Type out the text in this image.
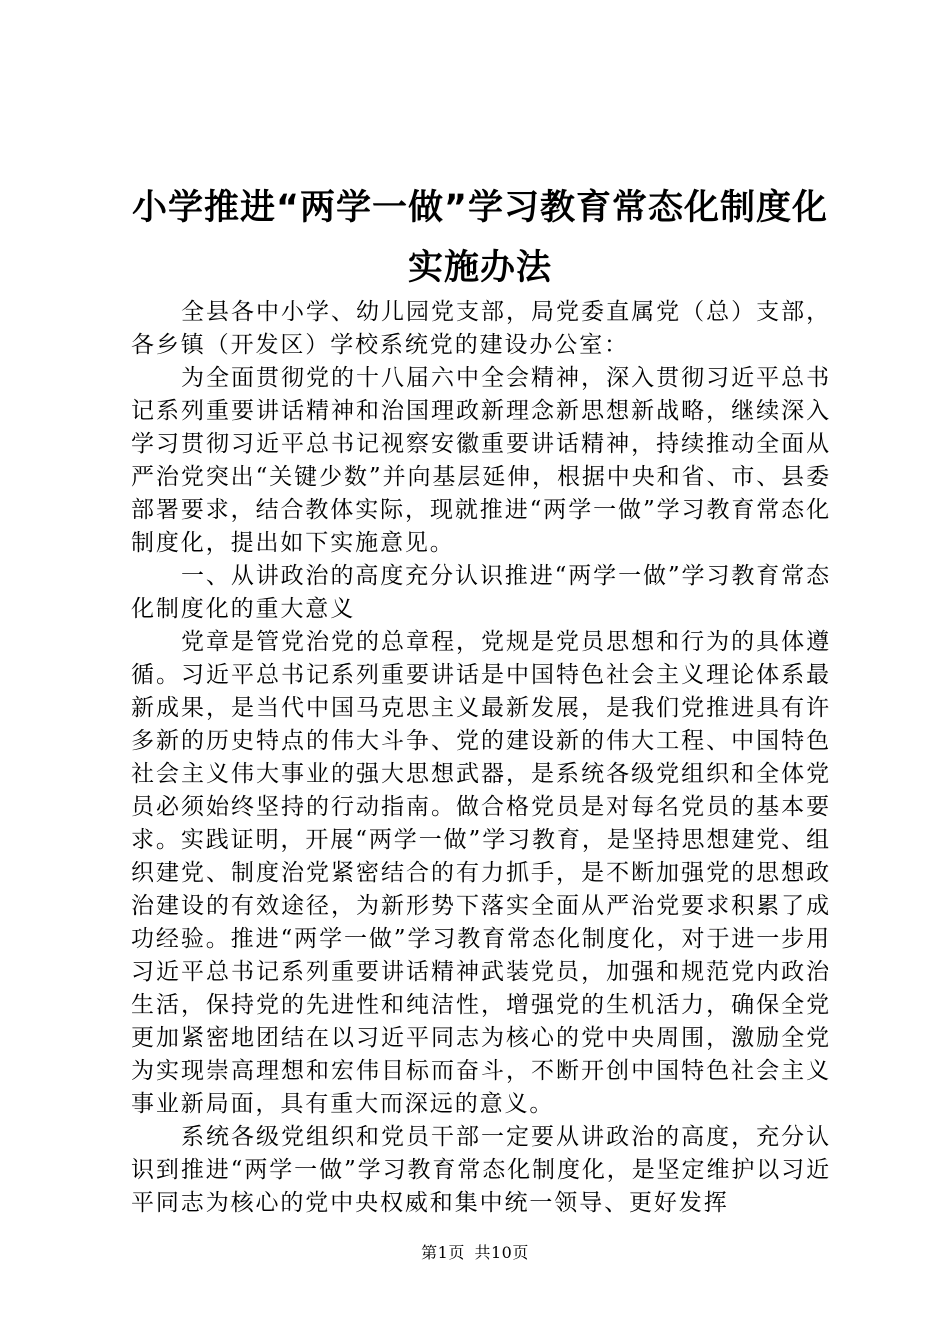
小学推进“两学一做”学习教育常态化制度化
实施办法

全县各中小学、幼儿园党支部，局党委直属党（总）支部，各乡镇（开发区）学校系统党的建设办公室：

为全面贯彻党的十八届六中全会精神，深入贯彻习近平总书记系列重要讲话精神和治国理政新理念新思想新战略，继续深入学习贯彻习近平总书记视察安徽重要讲话精神，持续推动全面从严治党突出“关键少数”并向基层延伸，根据中央和省、市、县委部署要求，结合教体实际，现就推进“两学一做”学习教育常态化制度化，提出如下实施意见。

一、从讲政治的高度充分认识推进“两学一做”学习教育常态化制度化的重大意义

党章是管党治党的总章程，党规是党员思想和行为的具体遵循。习近平总书记系列重要讲话是中国特色社会主义理论体系最新成果，是当代中国马克思主义最新发展，是我们党推进具有许多新的历史特点的伟大斗争、党的建设新的伟大工程、中国特色社会主义伟大事业的强大思想武器，是系统各级党组织和全体党员必须始终坚持的行动指南。做合格党员是对每名党员的基本要求。实践证明，开展“两学一做”学习教育，是坚持思想建党、组织建党、制度治党紧密结合的有力抓手，是不断加强党的思想政治建设的有效途径，为新形势下落实全面从严治党要求积累了成功经验。推进“两学一做”学习教育常态化制度化，对于进一步用习近平总书记系列重要讲话精神武装党员，加强和规范党内政治生活，保持党的先进性和纯洁性，增强党的生机活力，确保全党更加紧密地团结在以习近平同志为核心的党中央周围，激励全党为实现崇高理想和宏伟目标而奋斗，不断开创中国特色社会主义事业新局面，具有重大而深远的意义。

系统各级党组织和党员干部一定要从讲政治的高度，充分认识到推进“两学一做”学习教育常态化制度化，是坚定维护以习近平同志为核心的党中央权威和集中统一领导、更好发挥

第1页 共10页
